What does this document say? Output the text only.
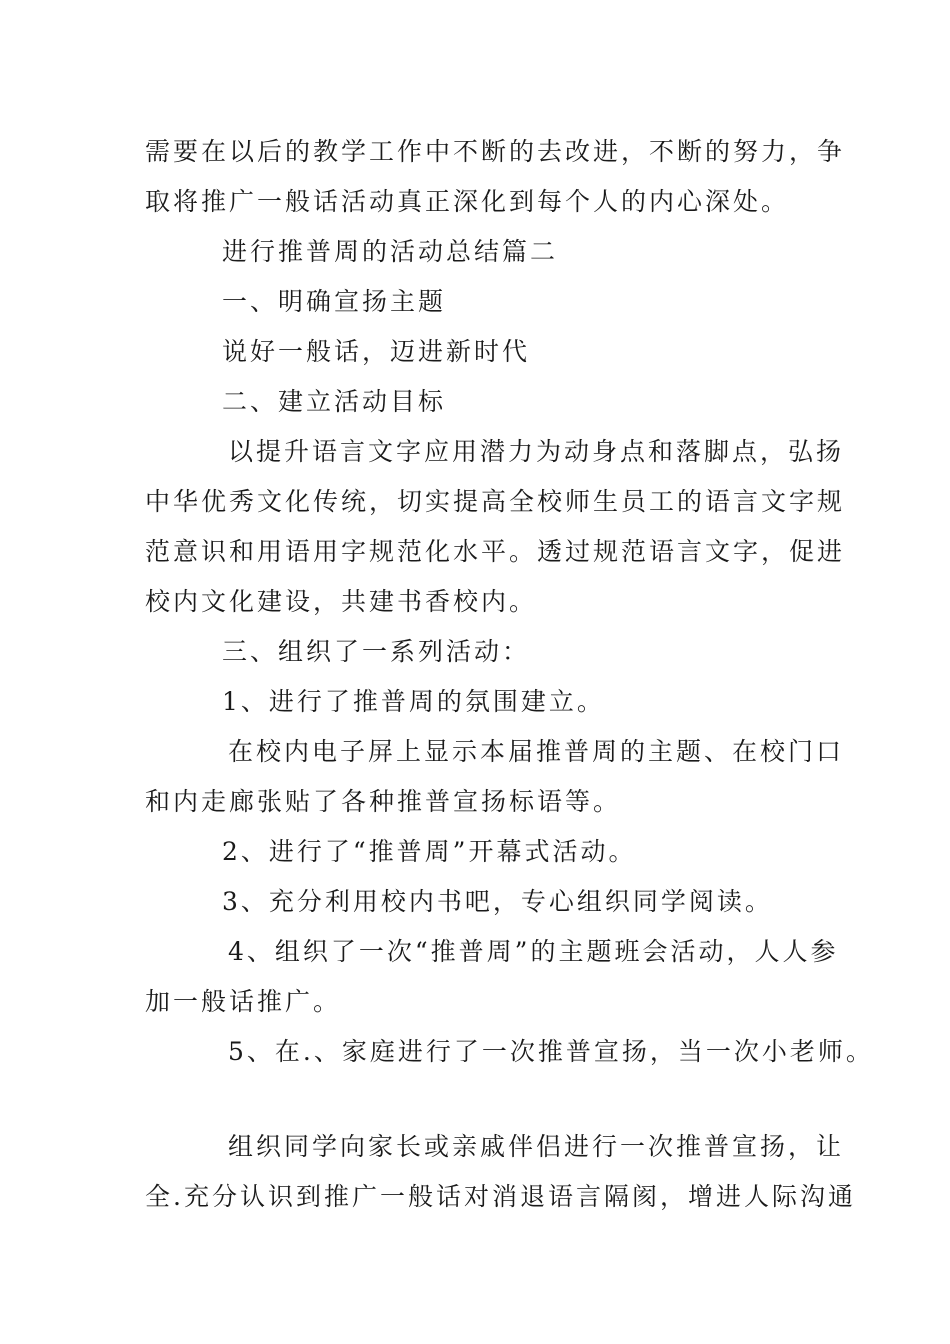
需要在以后的教学工作中不断的去改进，不断的努力，争
取将推广一般话活动真正深化到每个人的内心深处。
进行推普周的活动总结篇二
一、明确宣扬主题
说好一般话，迈进新时代
二、建立活动目标
以提升语言文字应用潜力为动身点和落脚点，弘扬
中华优秀文化传统，切实提高全校师生员工的语言文字规
范意识和用语用字规范化水平。透过规范语言文字，促进
校内文化建设，共建书香校内。
三、组织了一系列活动：
1、进行了推普周的氛围建立。
在校内电子屏上显示本届推普周的主题、在校门口
和内走廊张贴了各种推普宣扬标语等。
2、进行了“推普周”开幕式活动。
3、充分利用校内书吧，专心组织同学阅读。
4、组织了一次“推普周”的主题班会活动，人人参
加一般话推广。
5、在.、家庭进行了一次推普宣扬，当一次小老师。
组织同学向家长或亲戚伴侣进行一次推普宣扬，让
全.充分认识到推广一般话对消退语言隔阂，增进人际沟通
